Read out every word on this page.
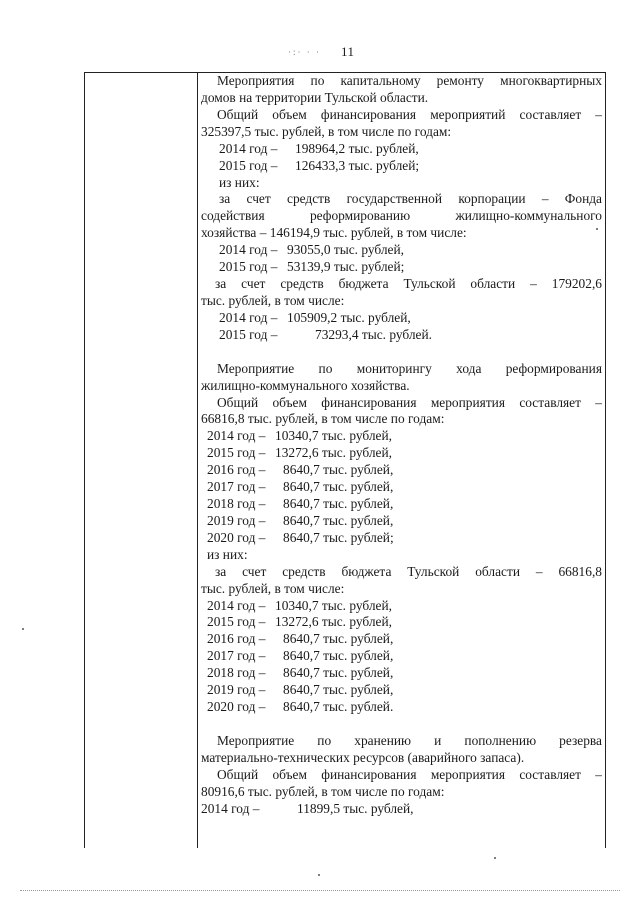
·:· · · 11

Мероприятия по капитальному ремонту многоквартирных

домов на территории Тульской области.

Общий объем финансирования мероприятий составляет –

325397,5 тыс. рублей, в том числе по годам:

2014 год – 198964,2 тыс. рублей,

2015 год – 126433,3 тыс. рублей;

из них:

за счет средств государственной корпорации – Фонда

содействия реформированию жилищно-коммунального

хозяйства – 146194,9 тыс. рублей, в том числе:

2014 год – 93055,0 тыс. рублей,

2015 год – 53139,9 тыс. рублей;

за счет средств бюджета Тульской области – 179202,6

тыс. рублей, в том числе:

2014 год – 105909,2 тыс. рублей,

2015 год –	73293,4 тыс. рублей.

Мероприятие по мониторингу хода реформирования

жилищно-коммунального хозяйства.

Общий объем финансирования мероприятия составляет –

66816,8 тыс. рублей, в том числе по годам:

2014 год – 10340,7 тыс. рублей,

2015 год – 13272,6 тыс. рублей,

2016 год – 8640,7 тыс. рублей,

2017 год – 8640,7 тыс. рублей,

2018 год – 8640,7 тыс. рублей,

2019 год – 8640,7 тыс. рублей,

2020 год – 8640,7 тыс. рублей;

из них:

за счет средств бюджета Тульской области – 66816,8

тыс. рублей, в том числе:

2014 год – 10340,7 тыс. рублей,

2015 год – 13272,6 тыс. рублей,

2016 год – 8640,7 тыс. рублей,

2017 год – 8640,7 тыс. рублей,

2018 год – 8640,7 тыс. рублей,

2019 год – 8640,7 тыс. рублей,

2020 год – 8640,7 тыс. рублей.

Мероприятие по хранению и пополнению резерва

материально-технических ресурсов (аварийного запаса).

Общий объем финансирования мероприятия составляет –

80916,6 тыс. рублей, в том числе по годам:

2014 год –	11899,5 тыс. рублей,
